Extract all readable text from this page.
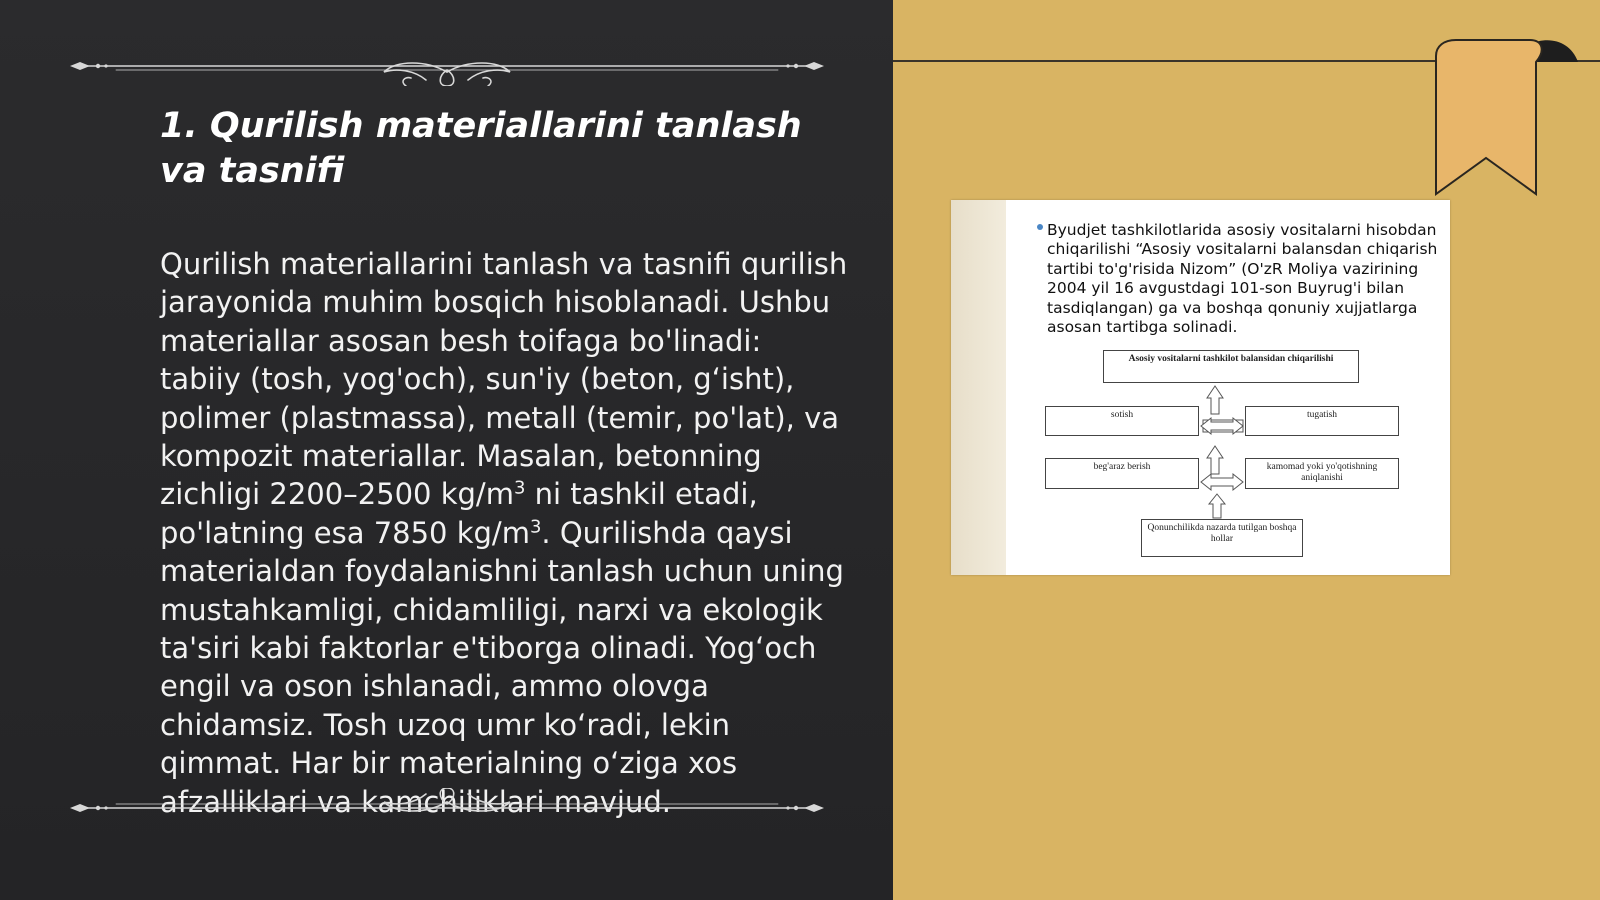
1. Qurilish materiallarini tanlash va tasnifi

Qurilish materiallarini tanlash va tasnifi qurilish jarayonida muhim bosqich hisoblanadi. Ushbu materiallar asosan besh toifaga bo'linadi: tabiiy (tosh, yog'och), sun'iy (beton, g‘isht), polimer (plastmassa), metall (temir, po'lat), va kompozit materiallar. Masalan, betonning zichligi 2200–2500 $kg/m^3$ ni tashkil etadi, po'latning esa 7850 $kg/m^3$. Qurilishda qaysi materialdan foydalanishni tanlash uchun uning mustahkamligi, chidamliligi, narxi va ekologik ta'siri kabi faktorlar e'tiborga olinadi. Yog‘och engil va oson ishlanadi, ammo olovga chidamsiz. Tosh uzoq umr ko‘radi, lekin qimmat. Har bir materialning o‘ziga xos afzalliklari va kamchiliklari mavjud.

Byudjet tashkilotlarida asosiy vositalarni hisobdan chiqarilishi “Asosiy vositalarni balansdan chiqarish tartibi to'g'risida Nizom” (O'zR Moliya vazirining 2004 yil 16 avgustdagi 101-son Buyrug'i bilan tasdiqlangan) ga va boshqa qonuniy xujjatlarga asosan tartibga solinadi.
Asosiy vositalarni tashkilot balansidan chiqarilishi
sotish	tugatish
beg'araz berish	kamomad yoki yo'qotishning aniqlanishi
Qonunchilikda nazarda tutilgan boshqa hollar
